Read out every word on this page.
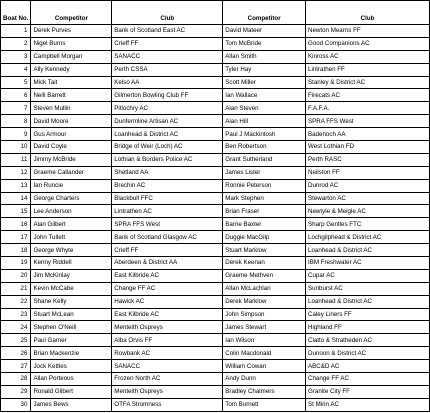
Boat No.	Competitor	Club	Competitor	Club
1	Derek Purves	Bank of Scotland East AC	David Mateer	Newton Mearns FF
2	Nigel Burns	Crieff FF	Tom McBride	Good Companions AC
3	Campbell Morgan	SANACC	Allan Smith	Kinross AC
4	Ally Kennedy	Perth CSSA	Tyler Hay	Lintrathen FF
5	Mick Tait	Kelso AA	Scott Miller	Stanley & District AC
6	Neill Barrett	Gilmerton Bowling Club FF	Ian Wallace	Firecats AC
7	Steven Mullin	Pitlochry AC	Alan Steven	F.A.F.A.
8	David Moore	Dunfermline Artisan AC	Alan Hill	SPRA FFS West
9	Gus Armour	Loanhead & District AC	Paul J Mackintosh	Badenoch AA
10	David Coyle	Bridge of Weir (Loch) AC	Ben Robertson	West Lothian FD
11	Jimmy McBride	Lothian & Borders Police AC	Grant Sutherland	Perth RASC
12	Graeme Callander	Shetland AA	James Lister	Neilston FF
13	Ian Runcie	Brechin AC	Ronnie Peterson	Dunrod AC
14	George Charters	Blackbull FFC	Mark Stephen	Stewarton AC
15	Lee Anderson	Lintrathen AC	Brian Fraser	Newtyle & Meigle AC
16	Alan Gilbert	SPRA FFS West	Barrie Baxter	Sharp Gentles FTC
17	John Tullett	Bank of Scotland Glasgow AC	Duggie MacGilp	Lochgilphead & District AC
18	George Whyte	Crieff FF	Stuart Marklow	Loanhead & District AC
19	Kenny Riddell	Aberdeen & District AA	Derek Keenan	IBM Freshwater AC
20	Jim McKinlay	East Kilbride AC	Graeme Methven	Cupar AC
21	Kevin McCabe	Change FF AC	Allan McLachlan	Sunburst AC
22	Shane Kelly	Hawick AC	Derek Marklow	Loanhead & District AC
23	Stuart McLean	East Kilbride AC	John Simpson	Caley Liners FF
24	Stephen O'Neill	Menteith Ospreys	James Stewart	Highland FF
25	Paul Garner	Alba Orvis FF	Ian Wilson	Clatto & Stratheden AC
26	Brian Mackenzie	Rowbank AC	Colin Macdonald	Dunoon & District AC
27	Jock Kettles	SANACC	William Cowan	ABC&D AC
28	Allan Porteous	Frozen North AC	Andy Dunn	Change FF AC
29	Ronald Gilbert	Menteith Ospreys	Bradley Chalmers	Granite City FF
30	James Bews	OTFA Stromness	Tom Burnett	St Mirin AC
